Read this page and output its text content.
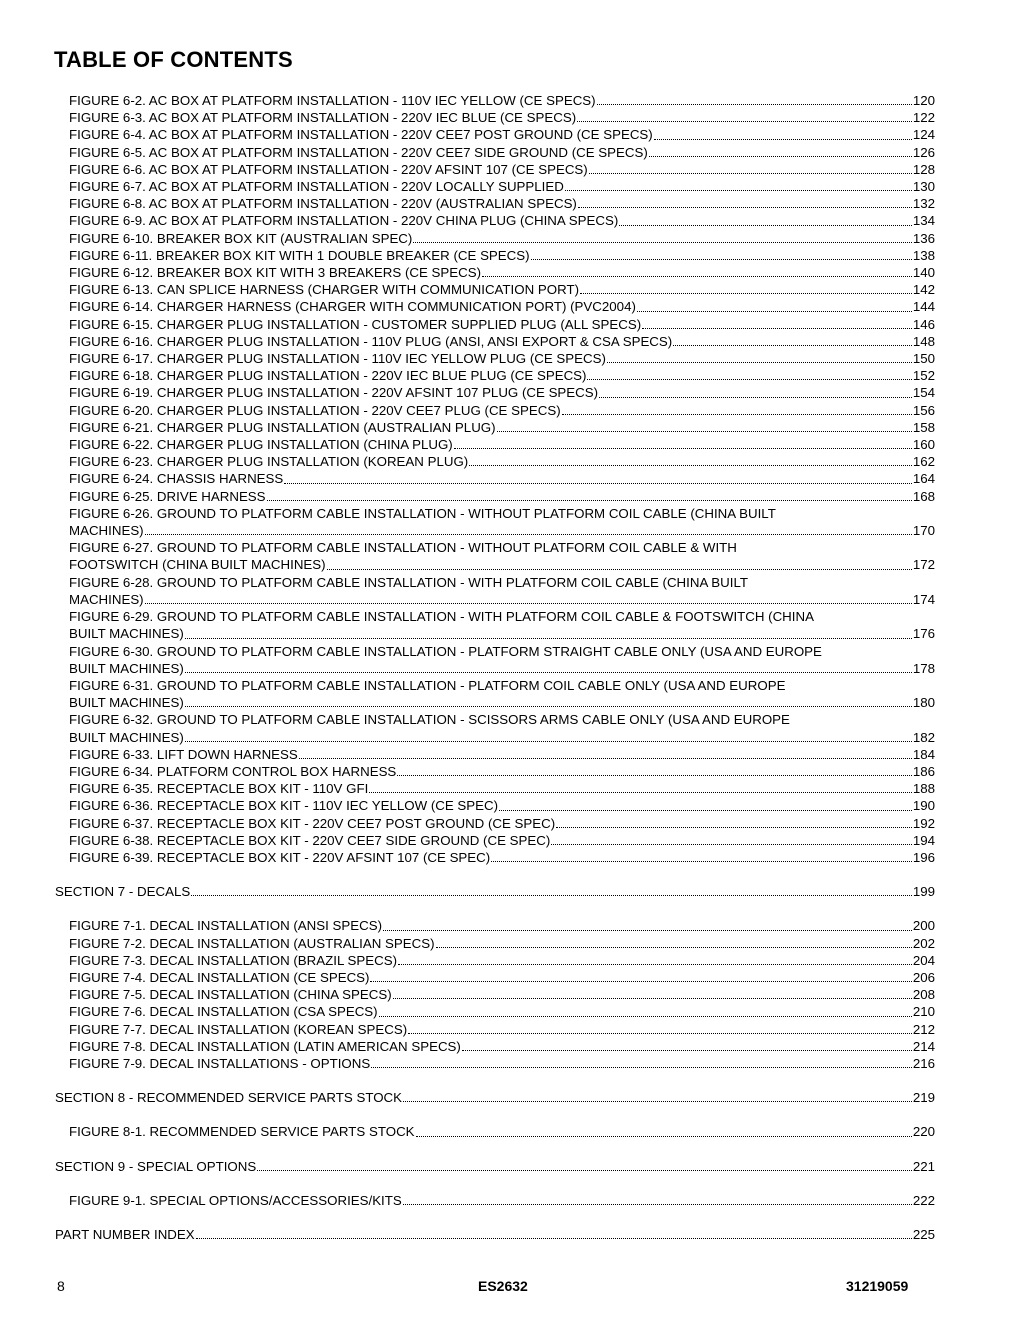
TABLE OF CONTENTS
FIGURE 6-2. AC BOX AT PLATFORM INSTALLATION - 110V IEC YELLOW (CE SPECS)	120
FIGURE 6-3. AC BOX AT PLATFORM INSTALLATION - 220V IEC BLUE (CE SPECS)	122
FIGURE 6-4. AC BOX AT PLATFORM INSTALLATION - 220V CEE7 POST GROUND (CE SPECS)	124
FIGURE 6-5. AC BOX AT PLATFORM INSTALLATION - 220V CEE7 SIDE GROUND (CE SPECS)	126
FIGURE 6-6. AC BOX AT PLATFORM INSTALLATION - 220V AFSINT 107 (CE SPECS)	128
FIGURE 6-7. AC BOX AT PLATFORM INSTALLATION - 220V LOCALLY SUPPLIED	130
FIGURE 6-8. AC BOX AT PLATFORM INSTALLATION - 220V (AUSTRALIAN SPECS)	132
FIGURE 6-9. AC BOX AT PLATFORM INSTALLATION - 220V CHINA PLUG (CHINA SPECS)	134
FIGURE 6-10. BREAKER BOX KIT (AUSTRALIAN SPEC)	136
FIGURE 6-11. BREAKER BOX KIT WITH 1 DOUBLE BREAKER (CE SPECS)	138
FIGURE 6-12. BREAKER BOX KIT WITH 3 BREAKERS (CE SPECS)	140
FIGURE 6-13. CAN SPLICE HARNESS (CHARGER WITH COMMUNICATION PORT)	142
FIGURE 6-14. CHARGER HARNESS (CHARGER WITH COMMUNICATION PORT) (PVC2004)	144
FIGURE 6-15. CHARGER PLUG INSTALLATION - CUSTOMER SUPPLIED PLUG (ALL SPECS)	146
FIGURE 6-16. CHARGER PLUG INSTALLATION - 110V PLUG (ANSI, ANSI EXPORT & CSA SPECS)	148
FIGURE 6-17. CHARGER PLUG INSTALLATION - 110V IEC YELLOW PLUG (CE SPECS)	150
FIGURE 6-18. CHARGER PLUG INSTALLATION - 220V IEC BLUE PLUG (CE SPECS)	152
FIGURE 6-19. CHARGER PLUG INSTALLATION - 220V AFSINT 107 PLUG (CE SPECS)	154
FIGURE 6-20. CHARGER PLUG INSTALLATION - 220V CEE7 PLUG (CE SPECS)	156
FIGURE 6-21. CHARGER PLUG INSTALLATION (AUSTRALIAN PLUG)	158
FIGURE 6-22. CHARGER PLUG INSTALLATION (CHINA PLUG)	160
FIGURE 6-23. CHARGER PLUG INSTALLATION (KOREAN PLUG)	162
FIGURE 6-24. CHASSIS HARNESS	164
FIGURE 6-25. DRIVE HARNESS	168
FIGURE 6-26. GROUND TO PLATFORM CABLE INSTALLATION - WITHOUT PLATFORM COIL CABLE (CHINA BUILT
MACHINES)	170
FIGURE 6-27. GROUND TO PLATFORM CABLE INSTALLATION - WITHOUT PLATFORM COIL CABLE & WITH
FOOTSWITCH (CHINA BUILT MACHINES)	172
FIGURE 6-28. GROUND TO PLATFORM CABLE INSTALLATION - WITH PLATFORM COIL CABLE (CHINA BUILT
MACHINES)	174
FIGURE 6-29. GROUND TO PLATFORM CABLE INSTALLATION - WITH PLATFORM COIL CABLE & FOOTSWITCH (CHINA
BUILT MACHINES)	176
FIGURE 6-30. GROUND TO PLATFORM CABLE INSTALLATION - PLATFORM STRAIGHT CABLE ONLY (USA AND EUROPE
BUILT MACHINES)	178
FIGURE 6-31. GROUND TO PLATFORM CABLE INSTALLATION - PLATFORM COIL CABLE ONLY (USA AND EUROPE
BUILT MACHINES)	180
FIGURE 6-32. GROUND TO PLATFORM CABLE INSTALLATION - SCISSORS ARMS CABLE ONLY (USA AND EUROPE
BUILT MACHINES)	182
FIGURE 6-33. LIFT DOWN HARNESS	184
FIGURE 6-34. PLATFORM CONTROL BOX HARNESS	186
FIGURE 6-35. RECEPTACLE BOX KIT - 110V GFI	188
FIGURE 6-36. RECEPTACLE BOX KIT - 110V IEC YELLOW (CE SPEC)	190
FIGURE 6-37. RECEPTACLE BOX KIT - 220V CEE7 POST GROUND (CE SPEC)	192
FIGURE 6-38. RECEPTACLE BOX KIT - 220V CEE7 SIDE GROUND (CE SPEC)	194
FIGURE 6-39. RECEPTACLE BOX KIT - 220V AFSINT 107 (CE SPEC)	196
SECTION 7 - DECALS	199
FIGURE 7-1. DECAL INSTALLATION (ANSI SPECS)	200
FIGURE 7-2. DECAL INSTALLATION (AUSTRALIAN SPECS)	202
FIGURE 7-3. DECAL INSTALLATION (BRAZIL SPECS)	204
FIGURE 7-4. DECAL INSTALLATION (CE SPECS)	206
FIGURE 7-5. DECAL INSTALLATION (CHINA SPECS)	208
FIGURE 7-6. DECAL INSTALLATION (CSA SPECS)	210
FIGURE 7-7. DECAL INSTALLATION (KOREAN SPECS)	212
FIGURE 7-8. DECAL INSTALLATION (LATIN AMERICAN SPECS)	214
FIGURE 7-9. DECAL INSTALLATIONS - OPTIONS	216
SECTION 8 - RECOMMENDED SERVICE PARTS STOCK	219
FIGURE 8-1. RECOMMENDED SERVICE PARTS STOCK	220
SECTION 9 - SPECIAL OPTIONS	221
FIGURE 9-1. SPECIAL OPTIONS/ACCESSORIES/KITS	222
PART NUMBER INDEX	225
8	ES2632	31219059
